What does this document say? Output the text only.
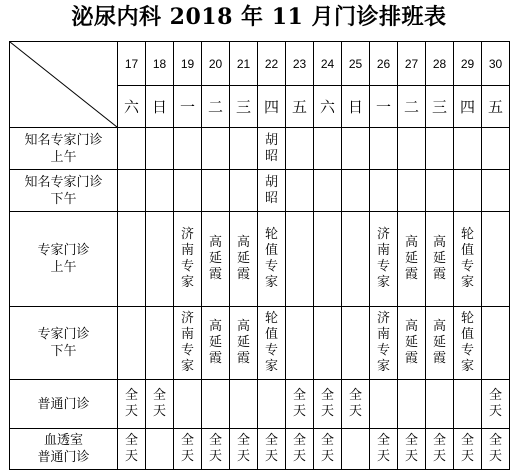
泌尿内科 2018 年 11 月门诊排班表
	17	18	19	20	21	22	23	24	25	26	27	28	29	30
	六	日	一	二	三	四	五	六	日	一	二	三	四	五

知名专家门诊
上午						胡昭								

知名专家门诊
下午						胡昭								

专家门诊
上午			济南专家	高延霞	高延霞	轮值专家				济南专家	高延霞	高延霞	轮值专家	

专家门诊
下午			济南专家	高延霞	高延霞	轮值专家				济南专家	高延霞	高延霞	轮值专家	

普通门诊	全天	全天					全天	全天	全天					全天

血透室
普通门诊	全天		全天	全天	全天	全天	全天	全天		全天	全天	全天	全天	全天
